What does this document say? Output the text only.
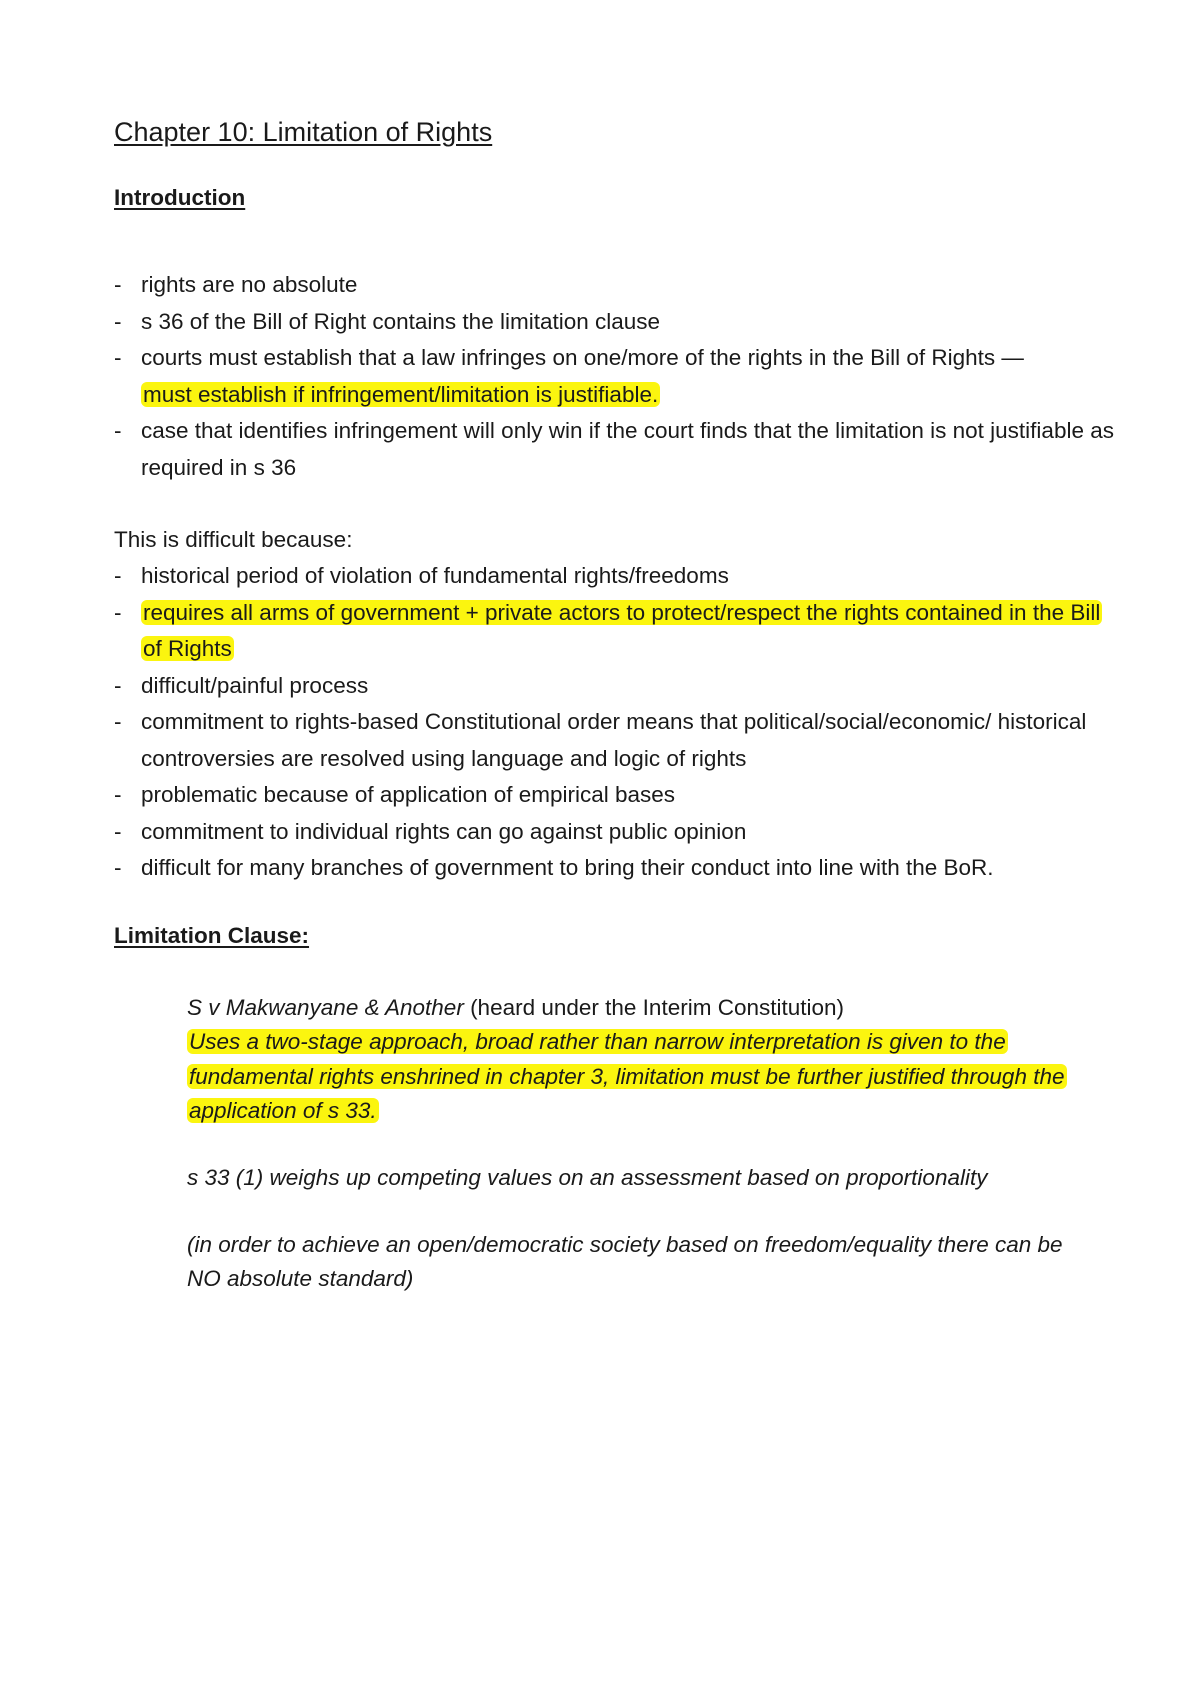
Chapter 10: Limitation of Rights
Introduction
- rights are no absolute
- s 36 of the Bill of Right contains the limitation clause
- courts must establish that a law infringes on one/more of the rights in the Bill of Rights —
must establish if infringement/limitation is justifiable.
- case that identifies infringement will only win if the court finds that the limitation is not justifiable as required in s 36
This is difficult because:
- historical period of violation of fundamental rights/freedoms
- requires all arms of government + private actors to protect/respect the rights contained in the Bill of Rights
- difficult/painful process
- commitment to rights-based Constitutional order means that political/social/economic/ historical controversies are resolved using language and logic of rights
- problematic because of application of empirical bases
- commitment to individual rights can go against public opinion
- difficult for many branches of government to bring their conduct into line with the BoR.
Limitation Clause:
S v Makwanyane & Another (heard under the Interim Constitution)
Uses a two-stage approach, broad rather than narrow interpretation is given to the fundamental rights enshrined in chapter 3, limitation must be further justified through the application of s 33.
s 33 (1) weighs up competing values on an assessment based on proportionality
(in order to achieve an open/democratic society based on freedom/equality there can be NO absolute standard)
